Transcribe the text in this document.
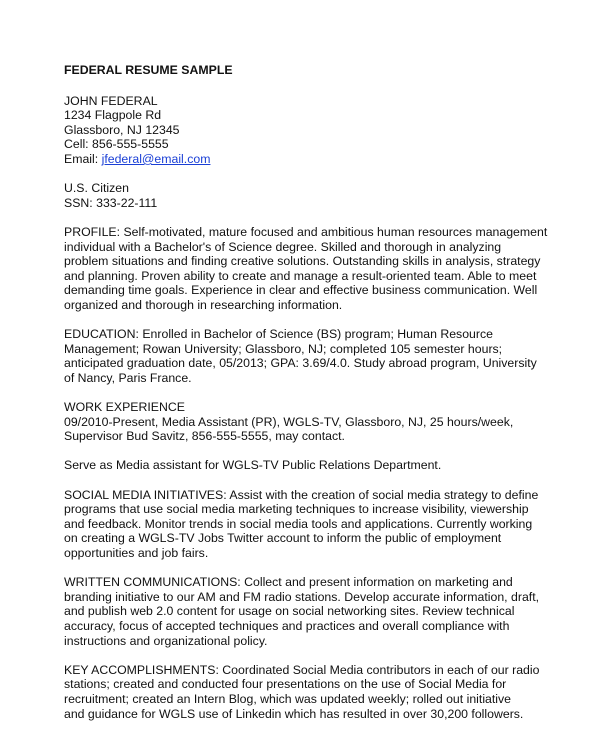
FEDERAL RESUME SAMPLE
JOHN FEDERAL
1234 Flagpole Rd
Glassboro, NJ 12345
Cell: 856-555-5555
Email: jfederal@email.com
U.S. Citizen
SSN: 333-22-111
PROFILE: Self-motivated, mature focused and ambitious human resources management
individual with a Bachelor's of Science degree. Skilled and thorough in analyzing
problem situations and finding creative solutions. Outstanding skills in analysis, strategy
and planning. Proven ability to create and manage a result-oriented team. Able to meet
demanding time goals. Experience in clear and effective business communication. Well
organized and thorough in researching information.
EDUCATION: Enrolled in Bachelor of Science (BS) program; Human Resource
Management; Rowan University; Glassboro, NJ; completed 105 semester hours;
anticipated graduation date, 05/2013; GPA: 3.69/4.0. Study abroad program, University
of Nancy, Paris France.
WORK EXPERIENCE
09/2010-Present, Media Assistant (PR), WGLS-TV, Glassboro, NJ, 25 hours/week,
Supervisor Bud Savitz, 856-555-5555, may contact.
Serve as Media assistant for WGLS-TV Public Relations Department.
SOCIAL MEDIA INITIATIVES: Assist with the creation of social media strategy to define
programs that use social media marketing techniques to increase visibility, viewership
and feedback. Monitor trends in social media tools and applications. Currently working
on creating a WGLS-TV Jobs Twitter account to inform the public of employment
opportunities and job fairs.
WRITTEN COMMUNICATIONS: Collect and present information on marketing and
branding initiative to our AM and FM radio stations. Develop accurate information, draft,
and publish web 2.0 content for usage on social networking sites. Review technical
accuracy, focus of accepted techniques and practices and overall compliance with
instructions and organizational policy.
KEY ACCOMPLISHMENTS: Coordinated Social Media contributors in each of our radio
stations; created and conducted four presentations on the use of Social Media for
recruitment; created an Intern Blog, which was updated weekly; rolled out initiative
and guidance for WGLS use of Linkedin which has resulted in over 30,200 followers.
